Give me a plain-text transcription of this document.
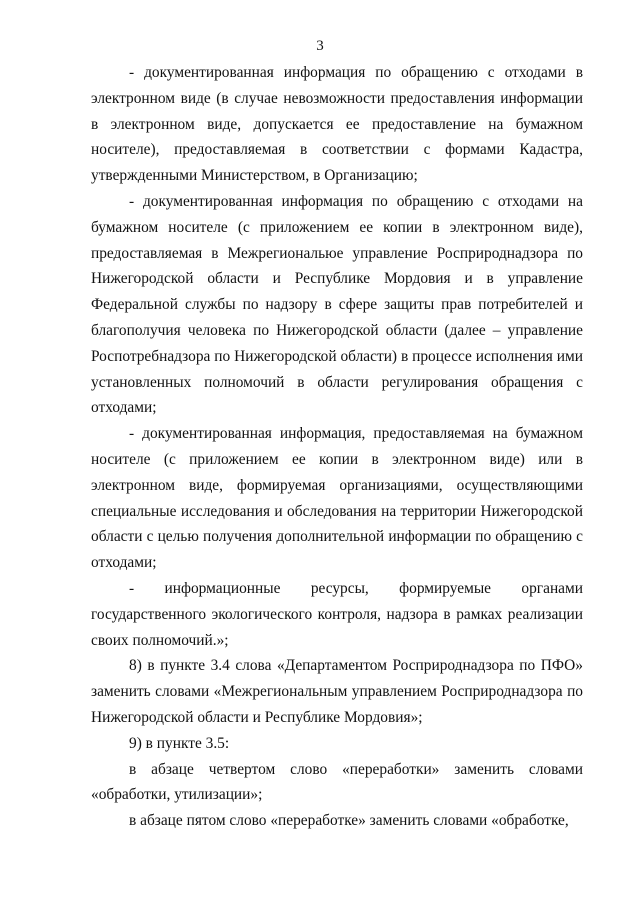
3

- документированная информация по обращению с отходами в электронном виде (в случае невозможности предоставления информации в электронном виде, допускается ее предоставление на бумажном носителе), предоставляемая в соответствии с формами Кадастра, утвержденными Министерством, в Организацию;

- документированная информация по обращению с отходами на бумажном носителе (с приложением ее копии в электронном виде), предоставляемая в Межрегиональюе управление Росприроднадзора по Нижегородской области и Республике Мордовия и в управление Федеральной службы по надзору в сфере защиты прав потребителей и благополучия человека по Нижегородской области (далее – управление Роспотребнадзора по Нижегородской области) в процессе исполнения ими установленных полномочий в области регулирования обращения с отходами;

- документированная информация, предоставляемая на бумажном носителе (с приложением ее копии в электронном виде) или в электронном виде, формируемая организациями, осуществляющими специальные исследования и обследования на территории Нижегородской области с целью получения дополнительной информации по обращению с отходами;

- информационные ресурсы, формируемые органами государственного экологического контроля, надзора в рамках реализации своих полномочий.»;

8) в пункте 3.4 слова «Департаментом Росприроднадзора по ПФО» заменить словами «Межрегиональным управлением Росприроднадзора по Нижегородской области и Республике Мордовия»;

9) в пункте 3.5:

в абзаце четвертом слово «переработки» заменить словами «обработки, утилизации»;

в абзаце пятом слово «переработке» заменить словами «обработке,
